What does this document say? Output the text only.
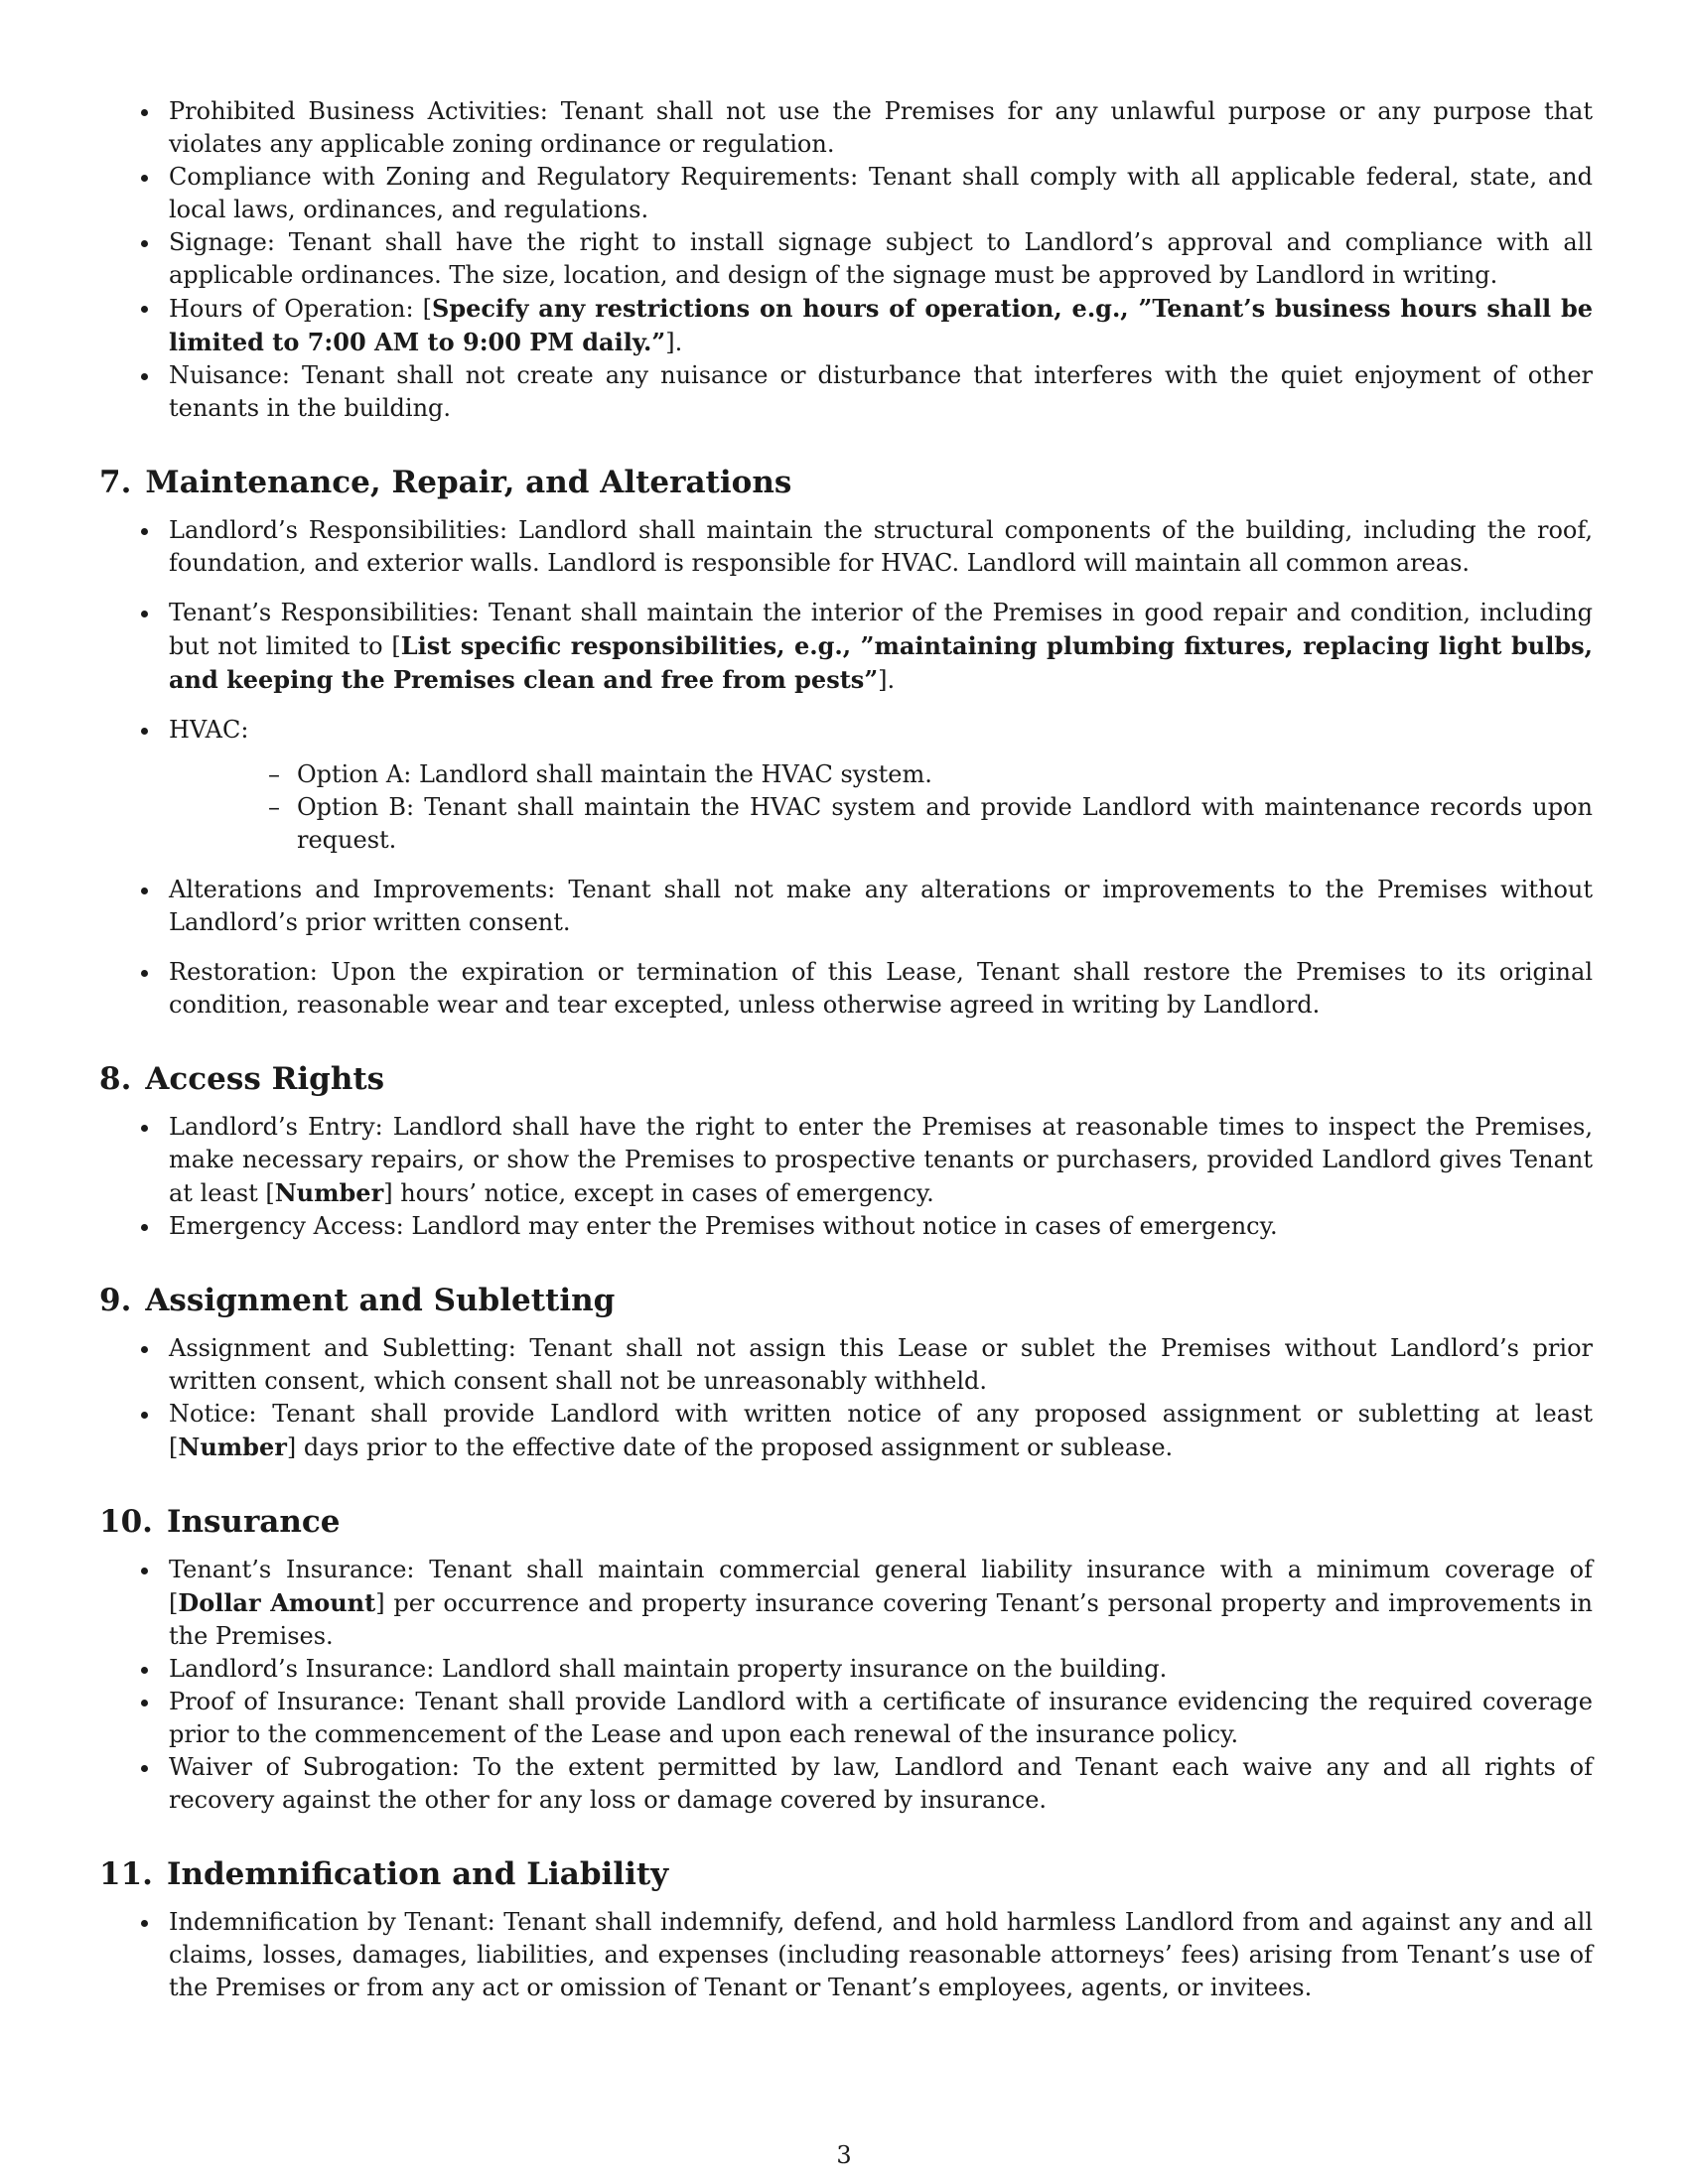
Prohibited Business Activities: Tenant shall not use the Premises for any unlawful purpose or any purpose that violates any applicable zoning ordinance or regulation.
Compliance with Zoning and Regulatory Requirements: Tenant shall comply with all applicable federal, state, and local laws, ordinances, and regulations.
Signage: Tenant shall have the right to install signage subject to Landlord’s approval and compliance with all applicable ordinances. The size, location, and design of the signage must be approved by Landlord in writing.
Hours of Operation: [Specify any restrictions on hours of operation, e.g., ”Tenant’s business hours shall be limited to 7:00 AM to 9:00 PM daily.”].
Nuisance: Tenant shall not create any nuisance or disturbance that interferes with the quiet enjoyment of other tenants in the building.
7. Maintenance, Repair, and Alterations
Landlord’s Responsibilities: Landlord shall maintain the structural components of the building, including the roof, foundation, and exterior walls. Landlord is responsible for HVAC. Landlord will maintain all common areas.
Tenant’s Responsibilities: Tenant shall maintain the interior of the Premises in good repair and condition, including but not limited to [List specific responsibilities, e.g., ”maintaining plumbing fixtures, replacing light bulbs, and keeping the Premises clean and free from pests”].
HVAC:
– Option A: Landlord shall maintain the HVAC system.
– Option B: Tenant shall maintain the HVAC system and provide Landlord with maintenance records upon request.
Alterations and Improvements: Tenant shall not make any alterations or improvements to the Premises without Landlord’s prior written consent.
Restoration: Upon the expiration or termination of this Lease, Tenant shall restore the Premises to its original condition, reasonable wear and tear excepted, unless otherwise agreed in writing by Landlord.
8. Access Rights
Landlord’s Entry: Landlord shall have the right to enter the Premises at reasonable times to inspect the Premises, make necessary repairs, or show the Premises to prospective tenants or purchasers, provided Landlord gives Tenant at least [Number] hours’ notice, except in cases of emergency.
Emergency Access: Landlord may enter the Premises without notice in cases of emergency.
9. Assignment and Subletting
Assignment and Subletting: Tenant shall not assign this Lease or sublet the Premises without Landlord’s prior written consent, which consent shall not be unreasonably withheld.
Notice: Tenant shall provide Landlord with written notice of any proposed assignment or subletting at least [Number] days prior to the effective date of the proposed assignment or sublease.
10. Insurance
Tenant’s Insurance: Tenant shall maintain commercial general liability insurance with a minimum coverage of [Dollar Amount] per occurrence and property insurance covering Tenant’s personal property and improvements in the Premises.
Landlord’s Insurance: Landlord shall maintain property insurance on the building.
Proof of Insurance: Tenant shall provide Landlord with a certificate of insurance evidencing the required coverage prior to the commencement of the Lease and upon each renewal of the insurance policy.
Waiver of Subrogation: To the extent permitted by law, Landlord and Tenant each waive any and all rights of recovery against the other for any loss or damage covered by insurance.
11. Indemnification and Liability
Indemnification by Tenant: Tenant shall indemnify, defend, and hold harmless Landlord from and against any and all claims, losses, damages, liabilities, and expenses (including reasonable attorneys’ fees) arising from Tenant’s use of the Premises or from any act or omission of Tenant or Tenant’s employees, agents, or invitees.
3
